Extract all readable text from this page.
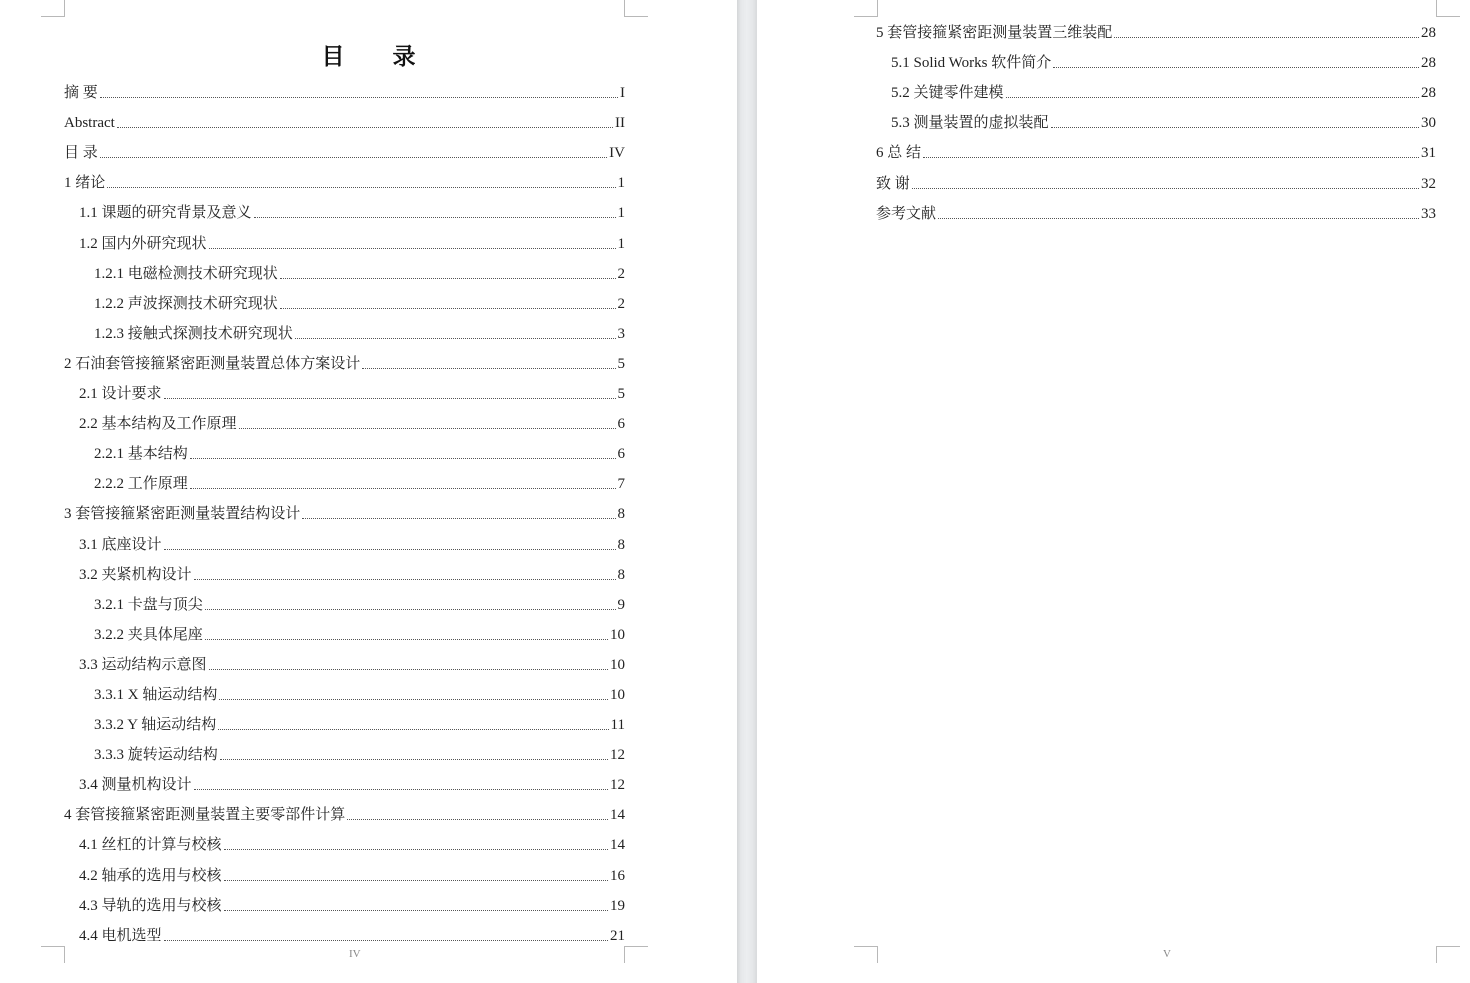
目 录
IV
摘 要	I
Abstract	II
目 录	IV
1 绪论	1
1.1 课题的研究背景及意义	1
1.2 国内外研究现状	1
1.2.1 电磁检测技术研究现状	2
1.2.2 声波探测技术研究现状	2
1.2.3 接触式探测技术研究现状	3
2 石油套管接箍紧密距测量装置总体方案设计	5
2.1 设计要求	5
2.2 基本结构及工作原理	6
2.2.1 基本结构	6
2.2.2 工作原理	7
3 套管接箍紧密距测量装置结构设计	8
3.1 底座设计	8
3.2 夹紧机构设计	8
3.2.1 卡盘与顶尖	9
3.2.2 夹具体尾座	10
3.3 运动结构示意图	10
3.3.1 X 轴运动结构	10
3.3.2 Y 轴运动结构	11
3.3.3 旋转运动结构	12
3.4 测量机构设计	12
4 套管接箍紧密距测量装置主要零部件计算	14
4.1 丝杠的计算与校核	14
4.2 轴承的选用与校核	16
4.3 导轨的选用与校核	19
4.4 电机选型	21
V
5 套管接箍紧密距测量装置三维装配	28
5.1 Solid Works 软件简介	28
5.2 关键零件建模	28
5.3 测量装置的虚拟装配	30
6 总 结	31
致 谢	32
参考文献	33
